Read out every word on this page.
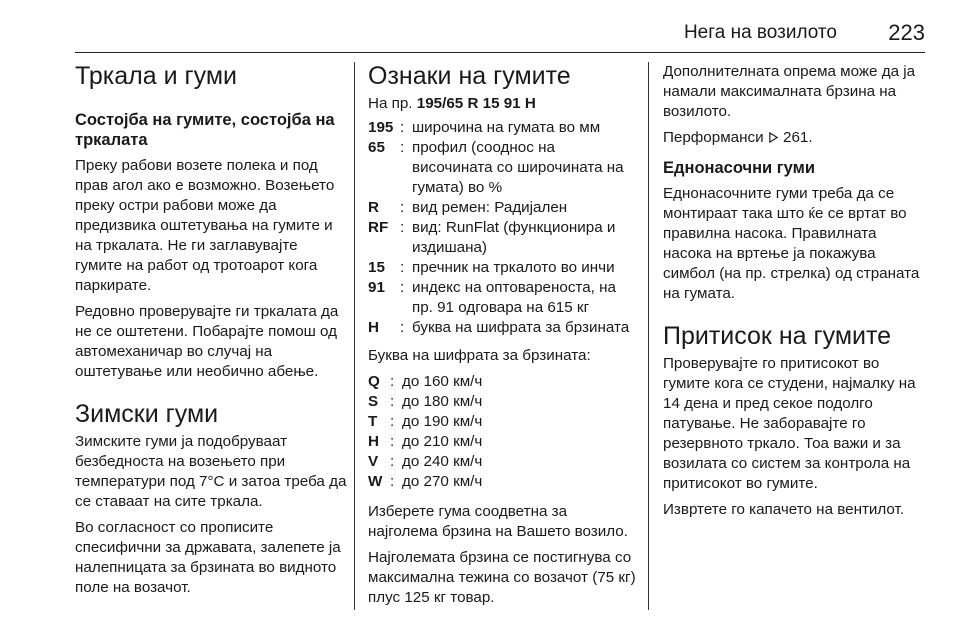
Нега на возилото 223
Тркала и гуми
Состојба на гумите, состојба на тркалата

Преку рабови возете полека и под прав агол ако е возможно. Возењето преку остри рабови може да предизвика оштетувања на гумите и на тркалата. Не ги заглавувајте гумите на работ од тротоарот кога паркирате.

Редовно проверувајте ги тркалата да не се оштетени. Побарајте помош од автомеханичар во случај на оштетување или необично абење.

Зимски гуми

Зимските гуми ја подобруваат безбедноста на возењето при температури под 7°C и затоа треба да се ставаат на сите тркала.

Во согласност со прописите спесифични за државата, залепете ја налепницата за брзината во видното поле на возачот.

Ознаки на гумите

На пр. 195/65 R 15 91 H

195 : широчина на гумата во мм
65 : профил (сооднос на височината со широчината на гумата) во %
R	: вид ремен: Радијален
RF : вид: RunFlat (функционира и издишана)
15 : пречник на тркалото во инчи
91 : индекс на оптовареноста, на пр. 91 одговара на 615 кг
H	: буква на шифрата за брзината

Буква на шифрата за брзината:

Q : до 160 км/ч
S : до 180 км/ч
T : до 190 км/ч
H : до 210 км/ч
V : до 240 км/ч
W : до 270 км/ч

Изберете гума соодветна за најголема брзина на Вашето возило.

Најголемата брзина се постигнува со максимална тежина со возачот (75 кг) плус 125 кг товар.

Дополнителната опрема може да ја намали максималната брзина на возилото.

Перформанси 261.

Еднонасочни гуми

Еднонасочните гуми треба да се монтираат така што ќе се вртат во правилна насока. Правилната насока на вртење ја покажува симбол (на пр. стрелка) од страната на гумата.

Притисок на гумите

Проверувајте го притисокот во гумите кога се студени, најмалку на 14 дена и пред секое подолго патување. Не заборавајте го резервното тркало. Тоа важи и за возилата со систем за контрола на притисокот во гумите.

Извртете го капачето на вентилот.
